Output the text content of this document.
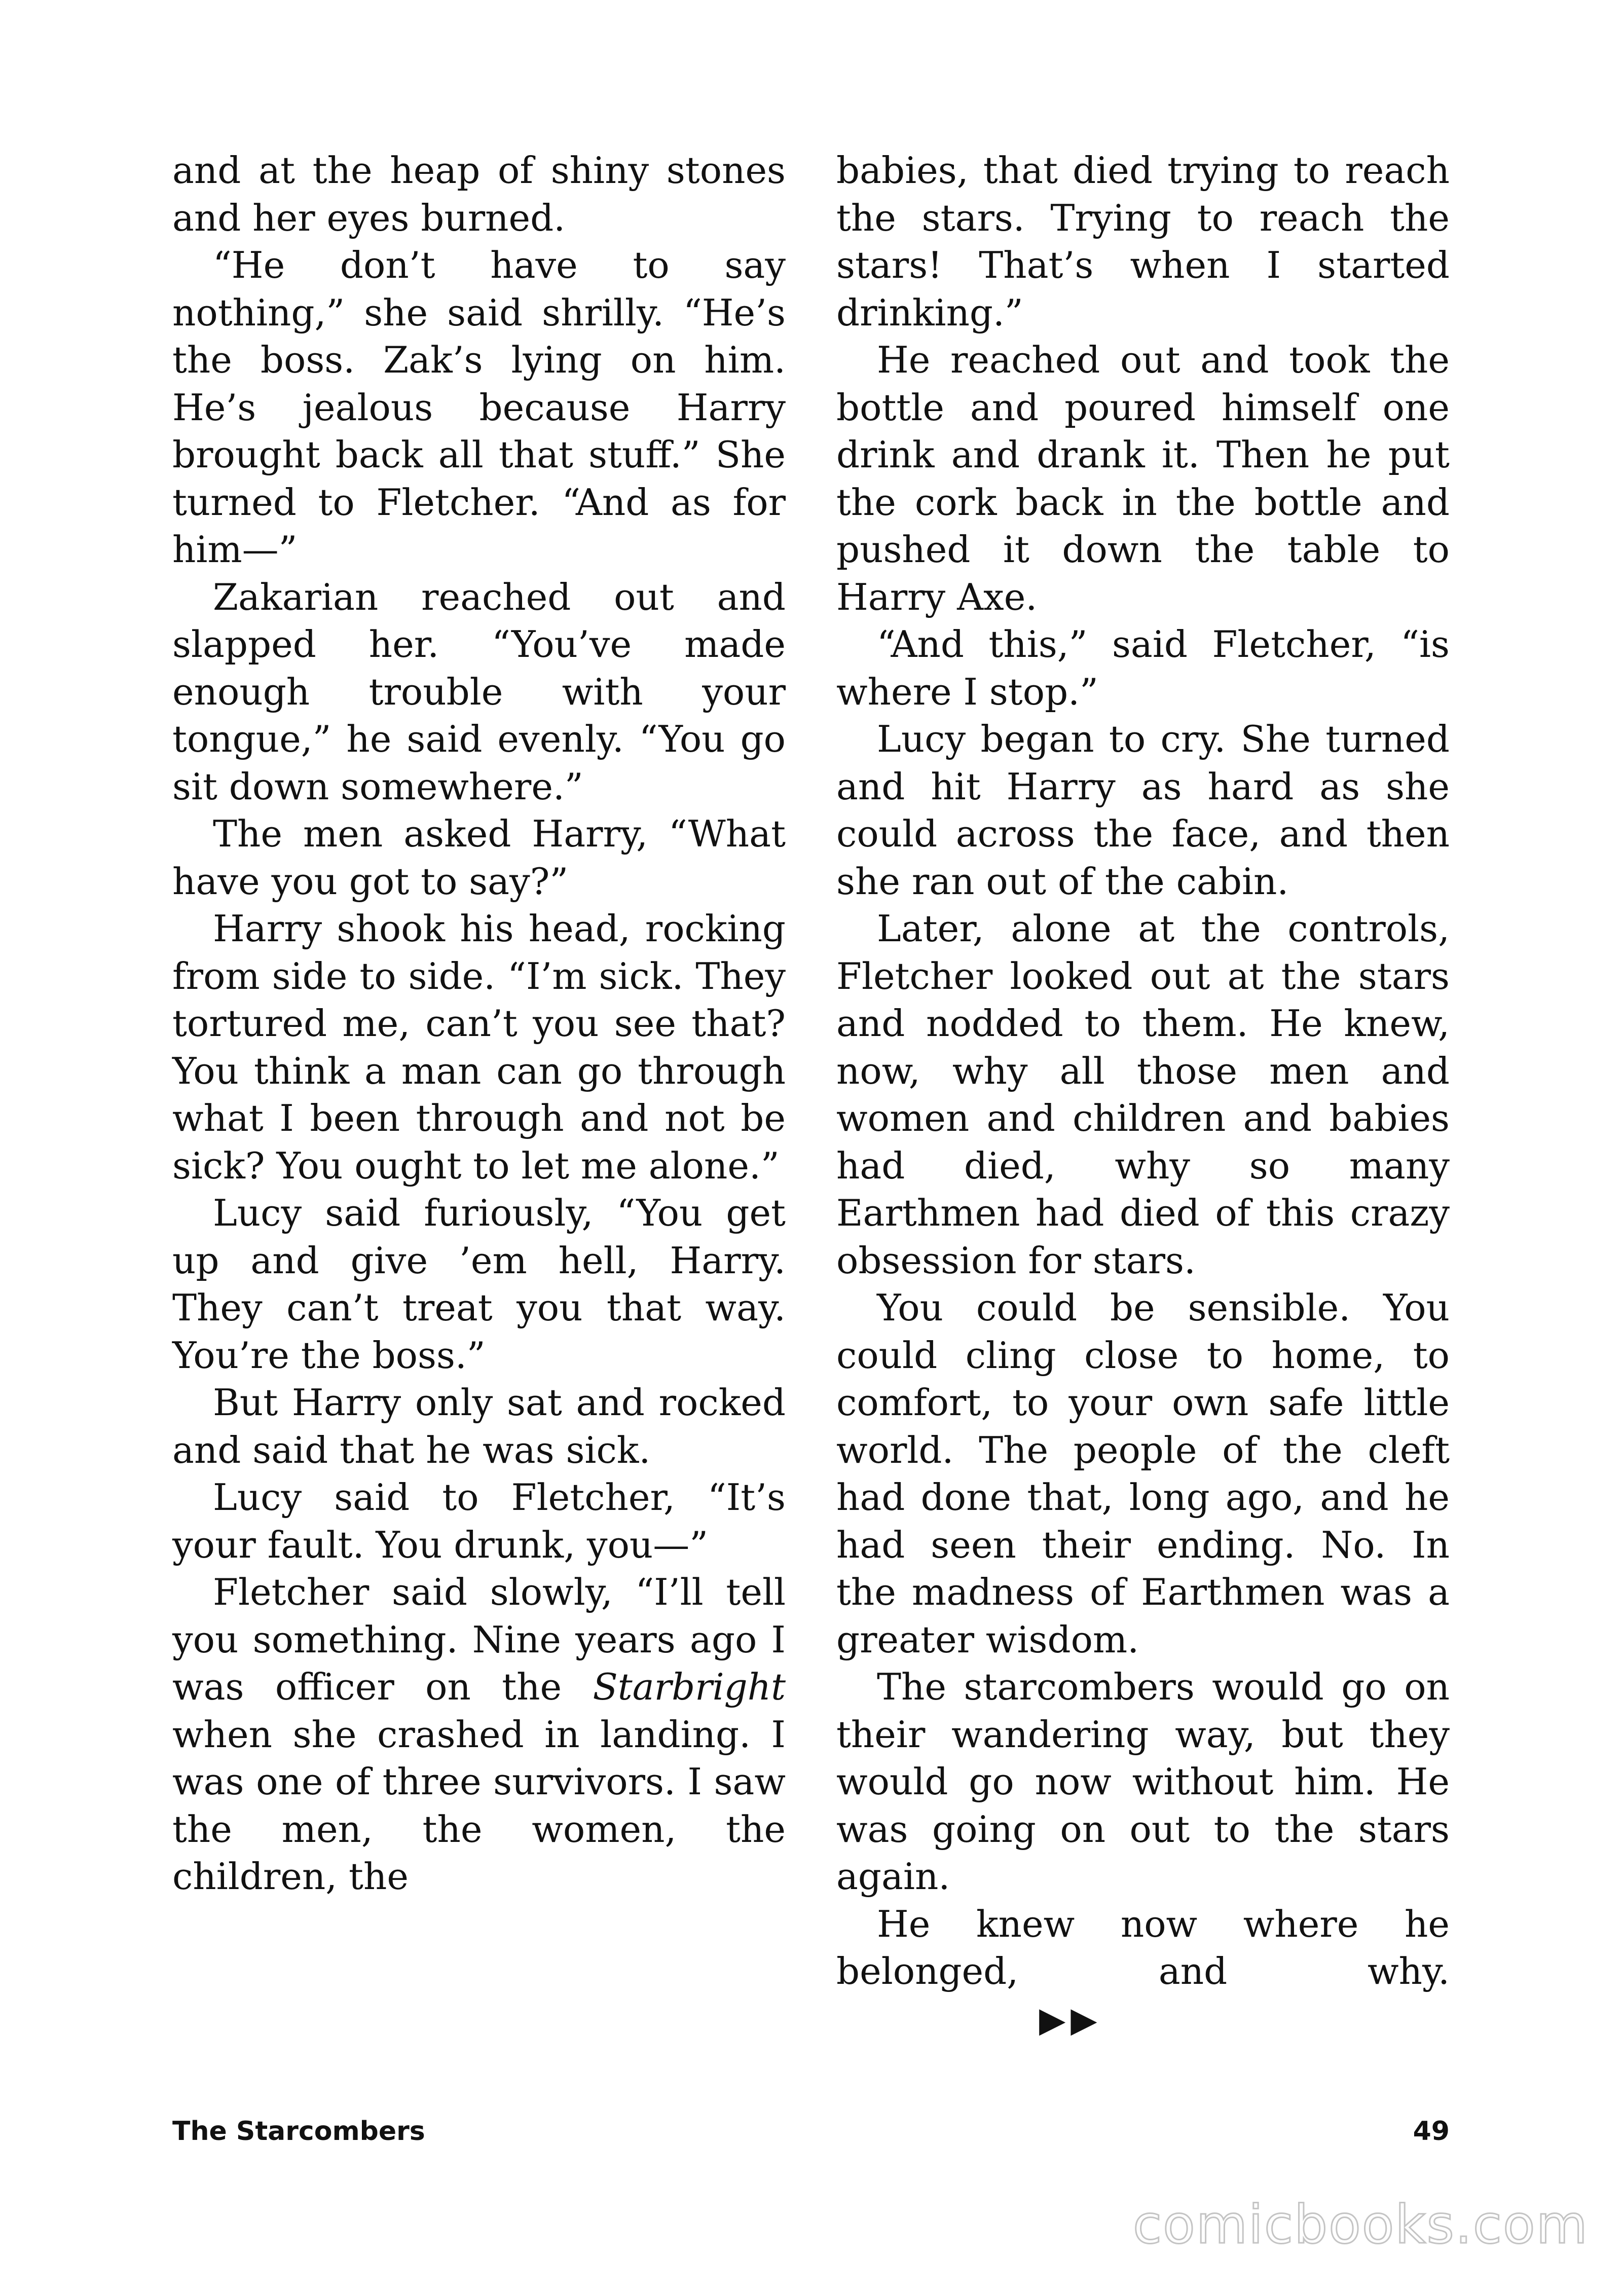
and at the heap of shiny stones and her eyes burned.

“He don’t have to say nothing,” she said shrilly. “He’s the boss. Zak’s lying on him. He’s jealous because Harry brought back all that stuff.” She turned to Fletcher. “And as for him—”

Zakarian reached out and slapped her. “You’ve made enough trouble with your tongue,” he said evenly. “You go sit down somewhere.”

The men asked Harry, “What have you got to say?”

Harry shook his head, rocking from side to side. “I’m sick. They tortured me, can’t you see that? You think a man can go through what I been through and not be sick? You ought to let me alone.”

Lucy said furiously, “You get up and give ’em hell, Harry. They can’t treat you that way. You’re the boss.”

But Harry only sat and rocked and said that he was sick.

Lucy said to Fletcher, “It’s your fault. You drunk, you—”

Fletcher said slowly, “I’ll tell you something. Nine years ago I was officer on the Starbright when she crashed in landing. I was one of three survivors. I saw the men, the women, the children, the

babies, that died trying to reach the stars. Trying to reach the stars! That’s when I started drinking.”

He reached out and took the bottle and poured himself one drink and drank it. Then he put the cork back in the bottle and pushed it down the table to Harry Axe.

“And this,” said Fletcher, “is where I stop.”

Lucy began to cry. She turned and hit Harry as hard as she could across the face, and then she ran out of the cabin.

Later, alone at the controls, Fletcher looked out at the stars and nodded to them. He knew, now, why all those men and women and children and babies had died, why so many Earthmen had died of this crazy obsession for stars.

You could be sensible. You could cling close to home, to comfort, to your own safe little world. The people of the cleft had done that, long ago, and he had seen their ending. No. In the madness of Earthmen was a greater wisdom.

The starcombers would go on their wandering way, but they would go now without him. He was going on out to the stars again.

He knew now where he belonged, and why.▶▶

The Starcombers	49
comicbooks.com
